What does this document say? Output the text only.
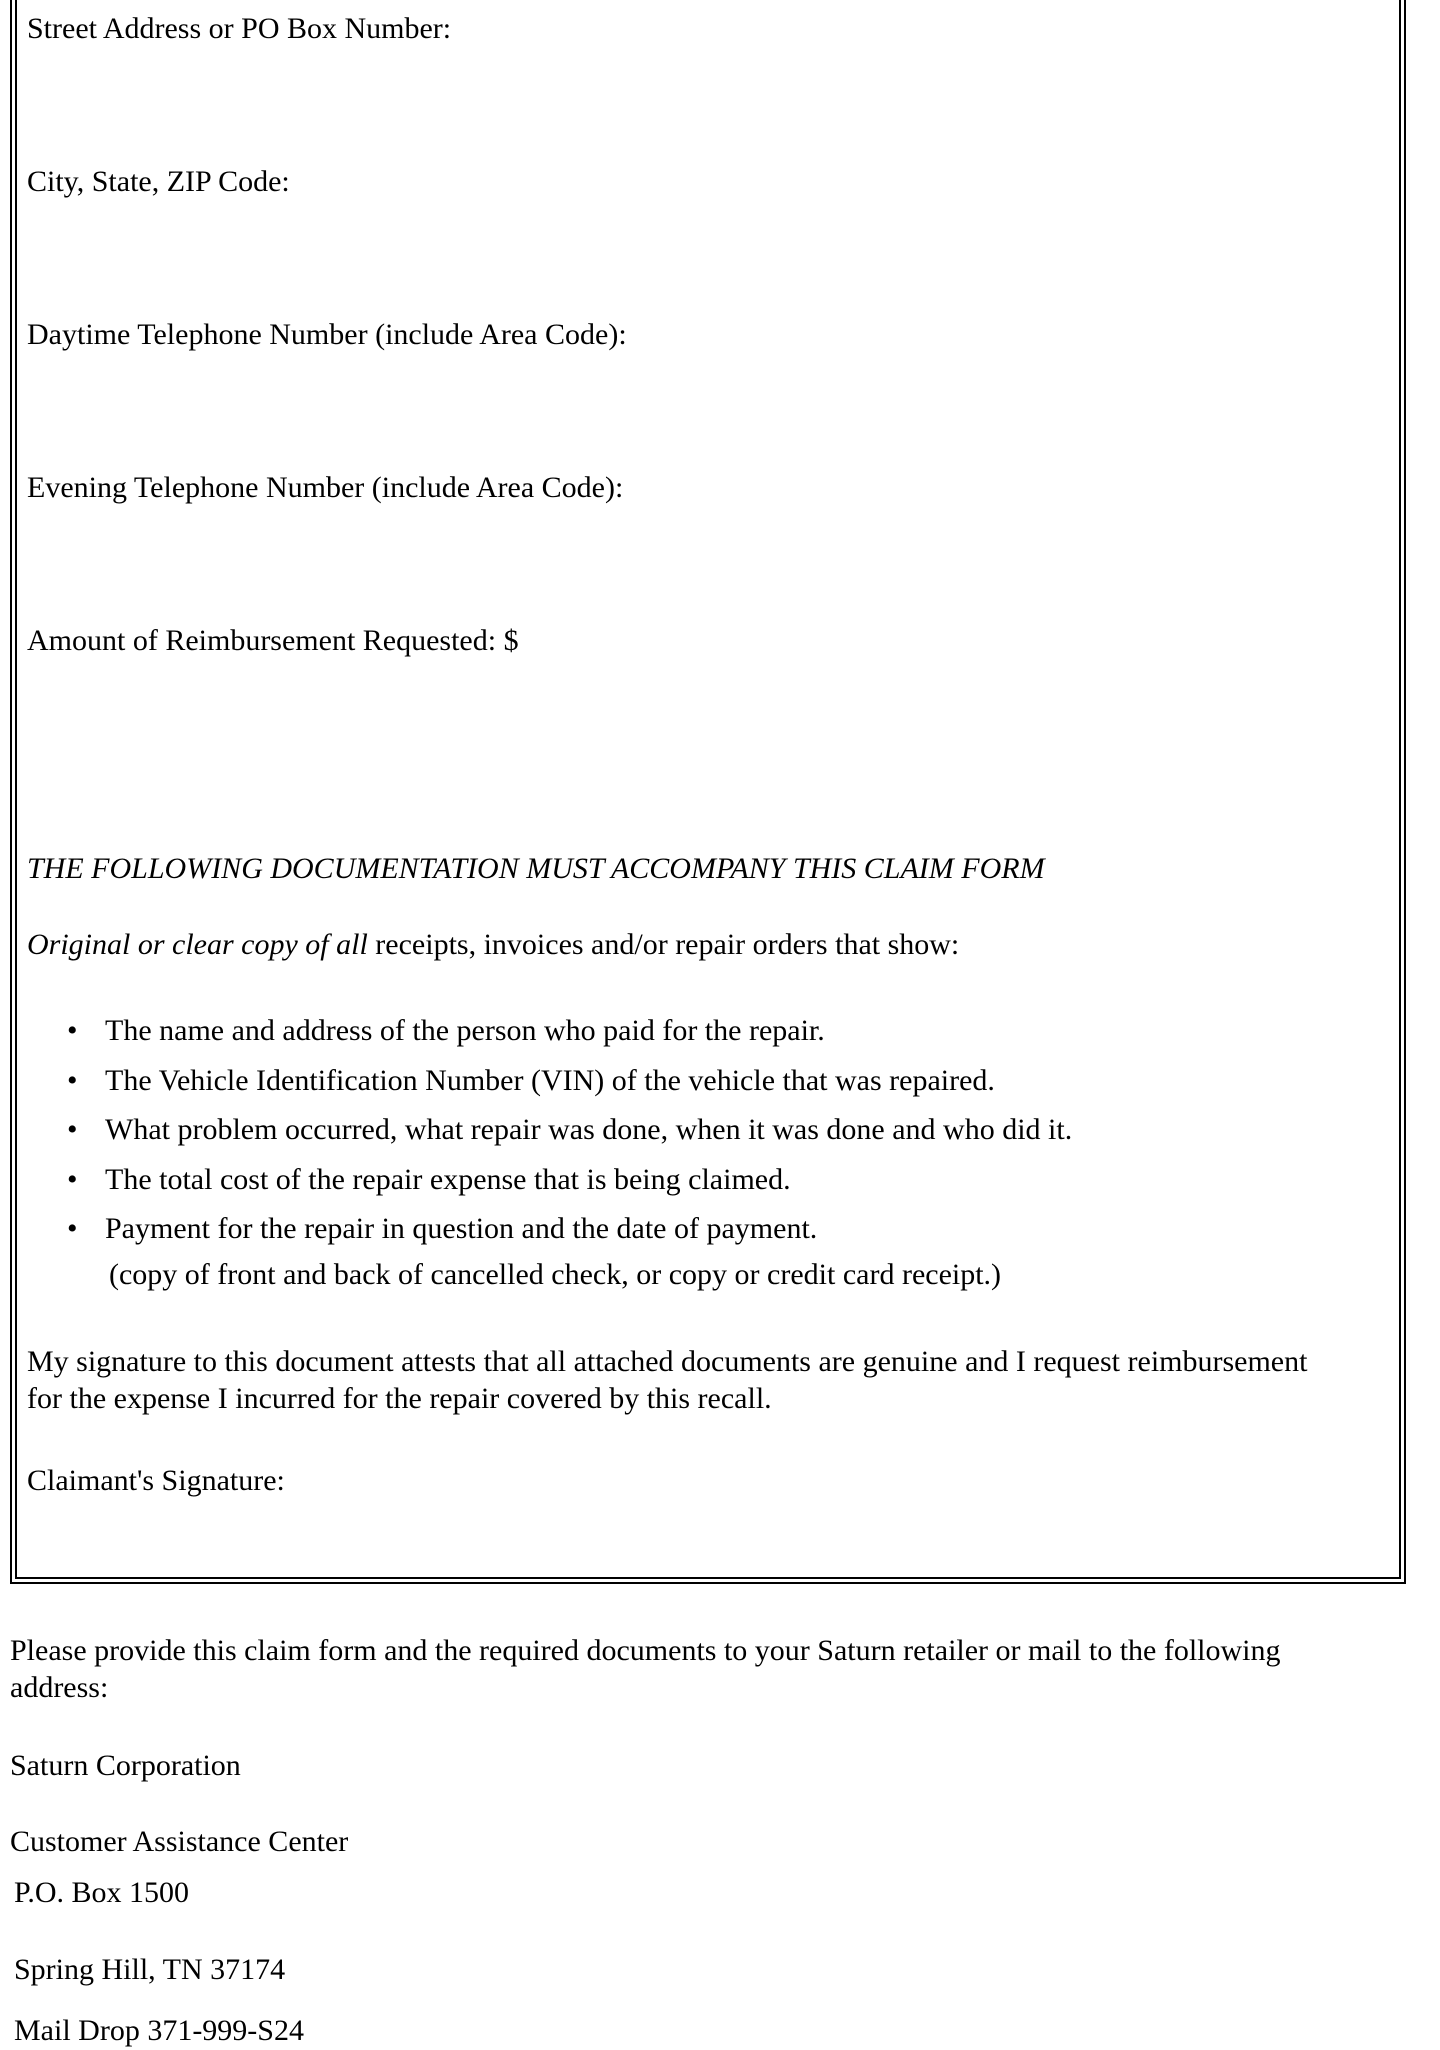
Street Address or PO Box Number:
City, State, ZIP Code:
Daytime Telephone Number (include Area Code):
Evening Telephone Number (include Area Code):
Amount of Reimbursement Requested: $
THE FOLLOWING DOCUMENTATION MUST ACCOMPANY THIS CLAIM FORM
Original or clear copy of all receipts, invoices and/or repair orders that show:
• The name and address of the person who paid for the repair.
• The Vehicle Identification Number (VIN) of the vehicle that was repaired.
• What problem occurred, what repair was done, when it was done and who did it.
• The total cost of the repair expense that is being claimed.
• Payment for the repair in question and the date of payment.
(copy of front and back of cancelled check, or copy or credit card receipt.)
My signature to this document attests that all attached documents are genuine and I request reimbursement for the expense I incurred for the repair covered by this recall.
Claimant's Signature:
Please provide this claim form and the required documents to your Saturn retailer or mail to the following address:
Saturn Corporation
Customer Assistance Center
P.O. Box 1500
Spring Hill, TN 37174
Mail Drop 371-999-S24
